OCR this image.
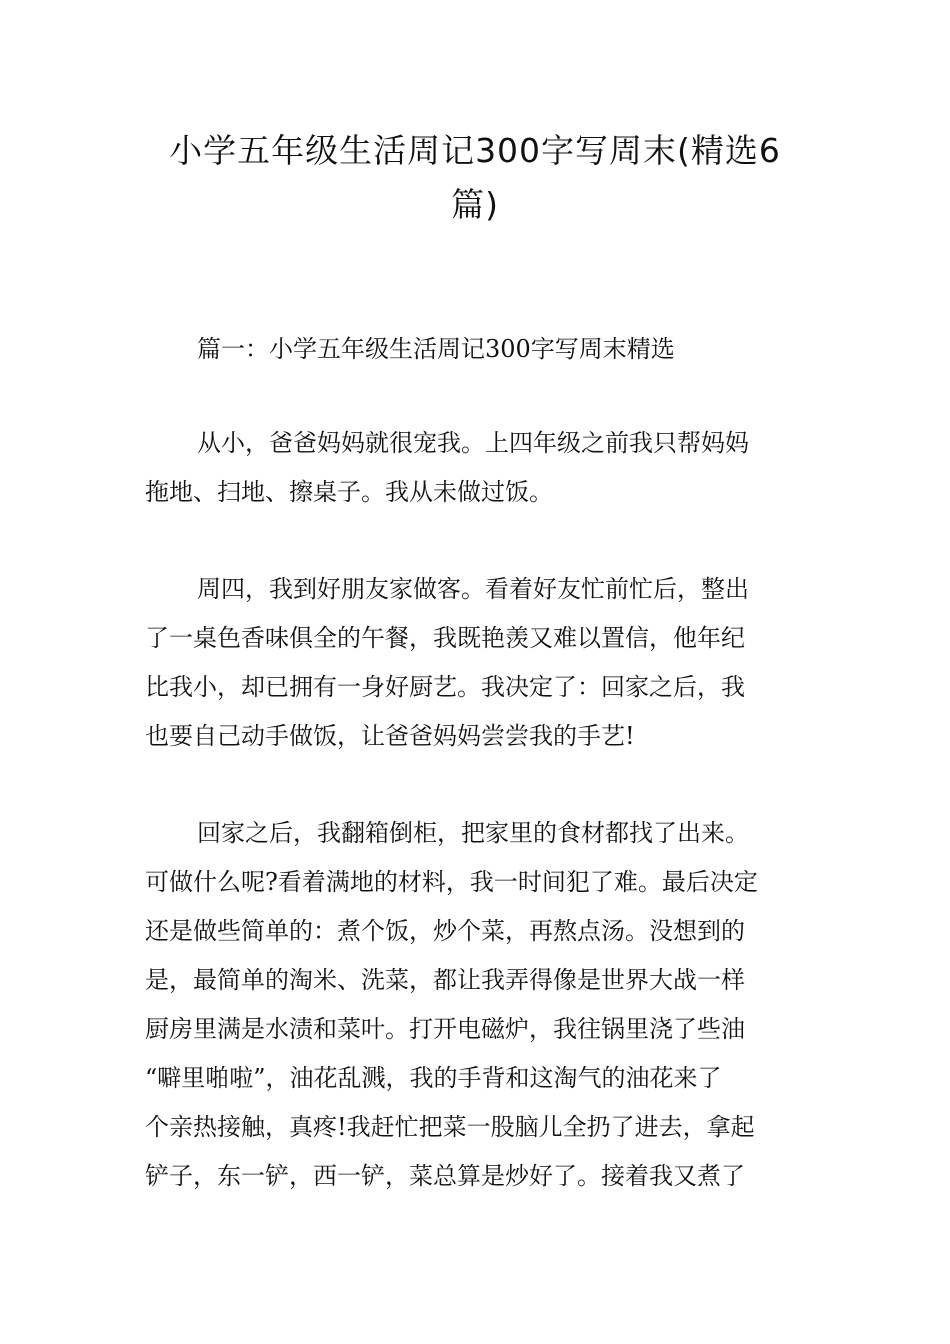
小学五年级生活周记300字写周末(精选6
篇)

篇一：小学五年级生活周记300字写周末精选

从小，爸爸妈妈就很宠我。上四年级之前我只帮妈妈
拖地、扫地、擦桌子。我从未做过饭。

周四，我到好朋友家做客。看着好友忙前忙后，整出
了一桌色香味俱全的午餐，我既艳羡又难以置信，他年纪
比我小，却已拥有一身好厨艺。我决定了：回家之后，我
也要自己动手做饭，让爸爸妈妈尝尝我的手艺!

回家之后，我翻箱倒柜，把家里的食材都找了出来。
可做什么呢?看着满地的材料，我一时间犯了难。最后决定
还是做些简单的：煮个饭，炒个菜，再熬点汤。没想到的
是，最简单的淘米、洗菜，都让我弄得像是世界大战一样
厨房里满是水渍和菜叶。打开电磁炉，我往锅里浇了些油
“噼里啪啦”，油花乱溅，我的手背和这淘气的油花来了
个亲热接触，真疼!我赶忙把菜一股脑儿全扔了进去，拿起
铲子，东一铲，西一铲，菜总算是炒好了。接着我又煮了
